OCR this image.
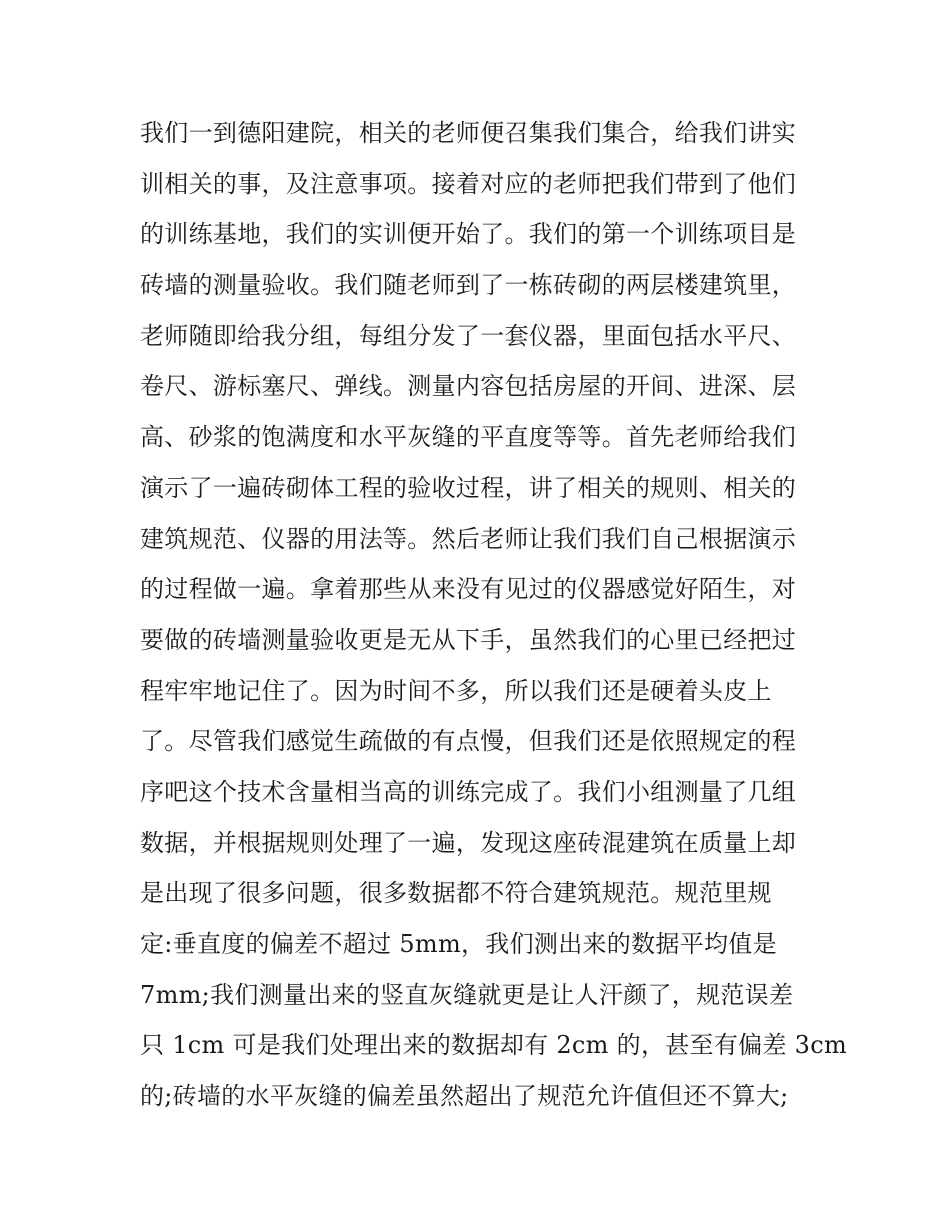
我们一到德阳建院，相关的老师便召集我们集合，给我们讲实
训相关的事，及注意事项。接着对应的老师把我们带到了他们
的训练基地，我们的实训便开始了。我们的第一个训练项目是
砖墙的测量验收。我们随老师到了一栋砖砌的两层楼建筑里，
老师随即给我分组，每组分发了一套仪器，里面包括水平尺、
卷尺、游标塞尺、弹线。测量内容包括房屋的开间、进深、层
高、砂浆的饱满度和水平灰缝的平直度等等。首先老师给我们
演示了一遍砖砌体工程的验收过程，讲了相关的规则、相关的
建筑规范、仪器的用法等。然后老师让我们我们自己根据演示
的过程做一遍。拿着那些从来没有见过的仪器感觉好陌生，对
要做的砖墙测量验收更是无从下手，虽然我们的心里已经把过
程牢牢地记住了。因为时间不多，所以我们还是硬着头皮上
了。尽管我们感觉生疏做的有点慢，但我们还是依照规定的程
序吧这个技术含量相当高的训练完成了。我们小组测量了几组
数据，并根据规则处理了一遍，发现这座砖混建筑在质量上却
是出现了很多问题，很多数据都不符合建筑规范。规范里规
定:垂直度的偏差不超过 5mm，我们测出来的数据平均值是
7mm;我们测量出来的竖直灰缝就更是让人汗颜了，规范误差
只 1cm 可是我们处理出来的数据却有 2cm 的，甚至有偏差 3cm
的;砖墙的水平灰缝的偏差虽然超出了规范允许值但还不算大;
